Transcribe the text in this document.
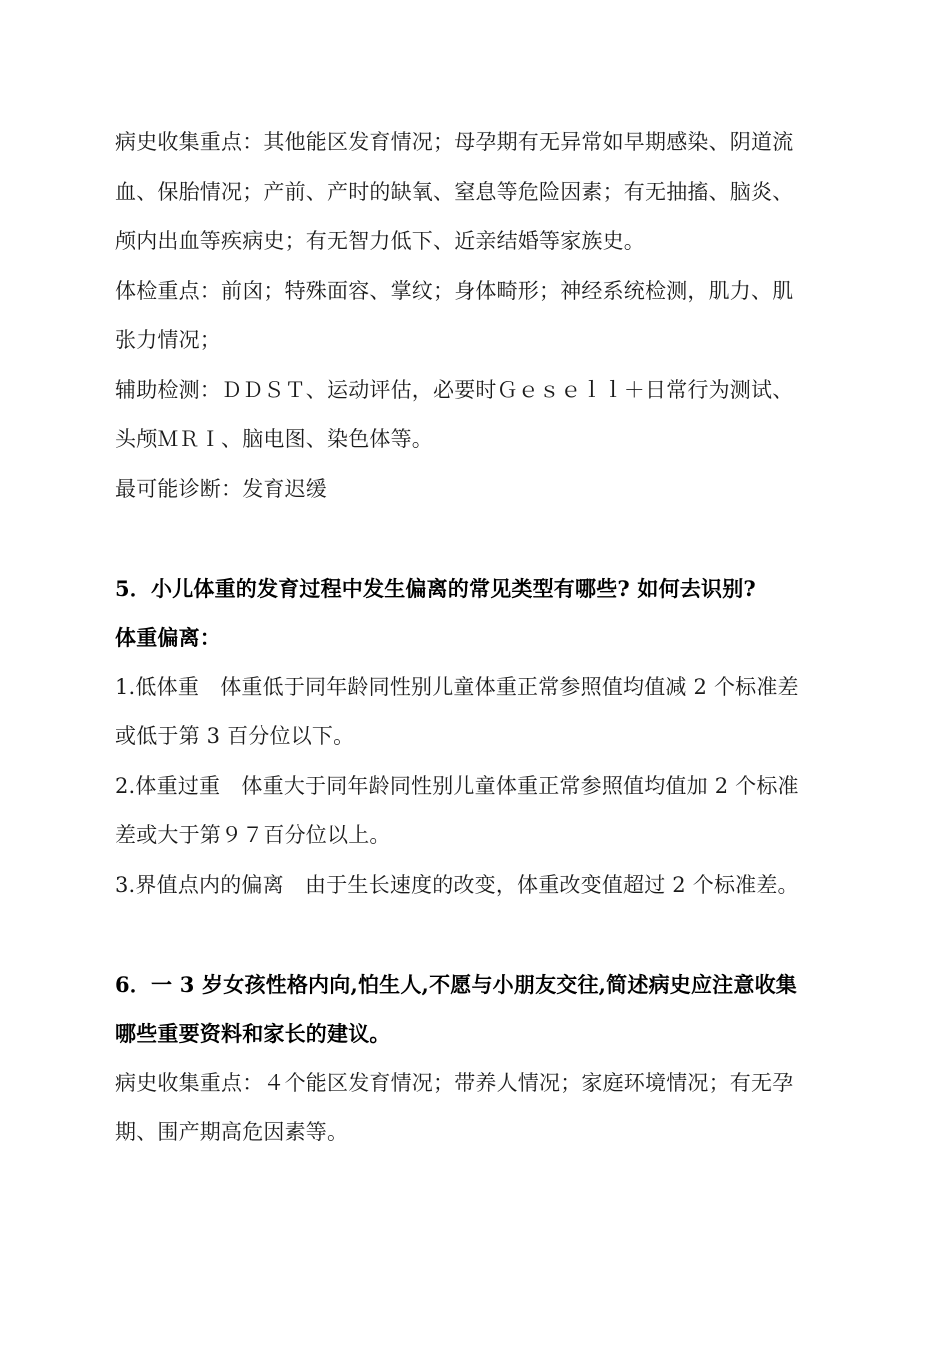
病史收集重点：其他能区发育情况；母孕期有无异常如早期感染、阴道流
血、保胎情况；产前、产时的缺氧、窒息等危险因素；有无抽搐、脑炎、
颅内出血等疾病史；有无智力低下、近亲结婚等家族史。
体检重点：前囟；特殊面容、掌纹；身体畸形；神经系统检测，肌力、肌
张力情况；
辅助检测：ＤＤＳＴ、运动评估，必要时Ｇｅｓｅｌｌ＋日常行为测试、
头颅ＭＲＩ、脑电图、染色体等。
最可能诊断：发育迟缓
5．小儿体重的发育过程中发生偏离的常见类型有哪些? 如何去识别?
体重偏离：
1.低体重　体重低于同年龄同性别儿童体重正常参照值均值减 2 个标准差
或低于第 3 百分位以下。
2.体重过重　体重大于同年龄同性别儿童体重正常参照值均值加 2 个标准
差或大于第９７百分位以上。
3.界值点内的偏离　由于生长速度的改变，体重改变值超过 2 个标准差。
6．一 3 岁女孩性格内向,怕生人,不愿与小朋友交往,简述病史应注意收集
哪些重要资料和家长的建议。
病史收集重点：４个能区发育情况；带养人情况；家庭环境情况；有无孕
期、围产期高危因素等。
